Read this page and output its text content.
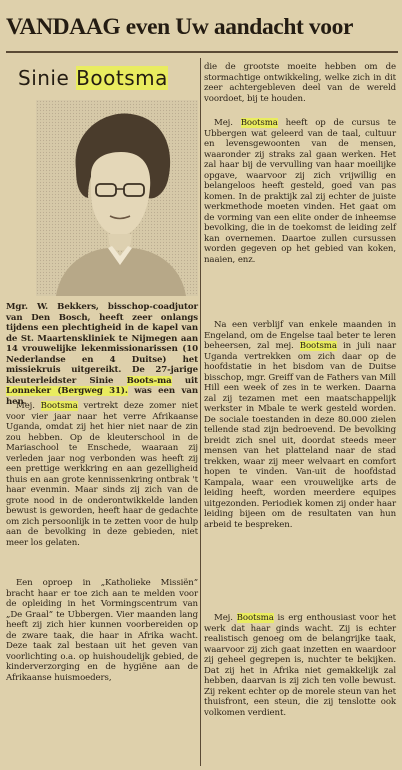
VANDAAG even Uw aandacht voor
Sinie Bootsma

Mgr. W. Bekkers, bisschop-coadjutor van Den Bosch, heeft zeer onlangs tijdens een plechtigheid in de kapel van de St. Maartenskliniek te Nijmegen aan 14 vrouwelijke lekenmissionarissen (10 Nederlandse en 4 Duitse) het missiekruis uitgereikt. De 27-jarige kleuterleidster Sinie Boots-ma uit Lonneker (Bergweg 31). was een van hen.

Mej. Bootsma vertrekt deze zomer niet voor vier jaar naar het verre Afrikaanse Uganda, omdat zij het hier niet naar de zin zou hebben. Op de kleuterschool in de Mariaschool te Enschede, waaraan zij verleden jaar nog verbonden was heeft zij een prettige werkkring en aan gezelligheid thuis en aan grote kennissenkring ontbrak 't haar evenmin. Maar sinds zij zich van de grote nood in de onderontwikkelde landen bewust is geworden, heeft haar de gedachte om zich persoonlijk in te zetten voor de hulp aan de bevolking in deze gebieden, niet meer los gelaten.

Een oproep in „Katholieke Missiën” bracht haar er toe zich aan te melden voor de opleiding in het Vormingscentrum van „De Graal” te Ubbergen. Vier maanden lang heeft zij zich hier kunnen voorbereiden op de zware taak, die haar in Afrika wacht. Deze taak zal bestaan uit het geven van voorlichting o.a. op huishoudelijk gebied, de kinderverzorging en de hygiëne aan de Afrikaanse huismoeders,

die de grootste moeite hebben om de stormachtige ontwikkeling, welke zich in dit zeer achtergebleven deel van de wereld voordoet, bij te houden.

Mej. Bootsma heeft op de cursus te Ubbergen wat geleerd van de taal, cultuur en levensgewoonten van de mensen, waaronder zij straks zal gaan werken. Het zal haar bij de vervulling van haar moeilijke opgave, waarvoor zij zich vrijwillig en belangeloos heeft gesteld, goed van pas komen. In de praktijk zal zij echter de juiste werkmethode moeten vinden. Het gaat om de vorming van een elite onder de inheemse bevolking, die in de toekomst de leiding zelf kan overnemen. Daartoe zullen cursussen worden gegeven op het gebied van koken, naaien, enz.

Na een verblijf van enkele maanden in Engeland, om de Engelse taal beter te leren beheersen, zal mej. Bootsma in juli naar Uganda vertrekken om zich daar op de hoofdstatie in het bisdom van de Duitse bisschop, mgr. Greiff van de Fathers van Mill Hill een week of zes in te werken. Daarna zal zij tezamen met een maatschappelijk werkster in Mbale te werk gesteld worden. De sociale toestanden in deze 80.000 zielen tellende stad zijn bedroevend. De bevolking breidt zich snel uit, doordat steeds meer mensen van het platteland naar de stad trekken, waar zij meer welvaart en comfort hopen te vinden. Van-uit de hoofdstad Kampala, waar een vrouwelijke arts de leiding heeft, worden meerdere equipes uitgezonden. Periodiek komen zij onder haar leiding bijeen om de resultaten van hun arbeid te bespreken.

Mej. Bootsma is erg enthousiast voor het werk dat haar ginds wacht. Zij is echter realistisch genoeg om de belangrijke taak, waarvoor zij zich gaat inzetten en waardoor zij geheel gegrepen is, nuchter te bekijken. Dat zij het in Afrika niet gemakkelijk zal hebben, daarvan is zij zich ten volle bewust. Zij rekent echter op de morele steun van het thuisfront, een steun, die zij tenslotte ook volkomen verdient.
